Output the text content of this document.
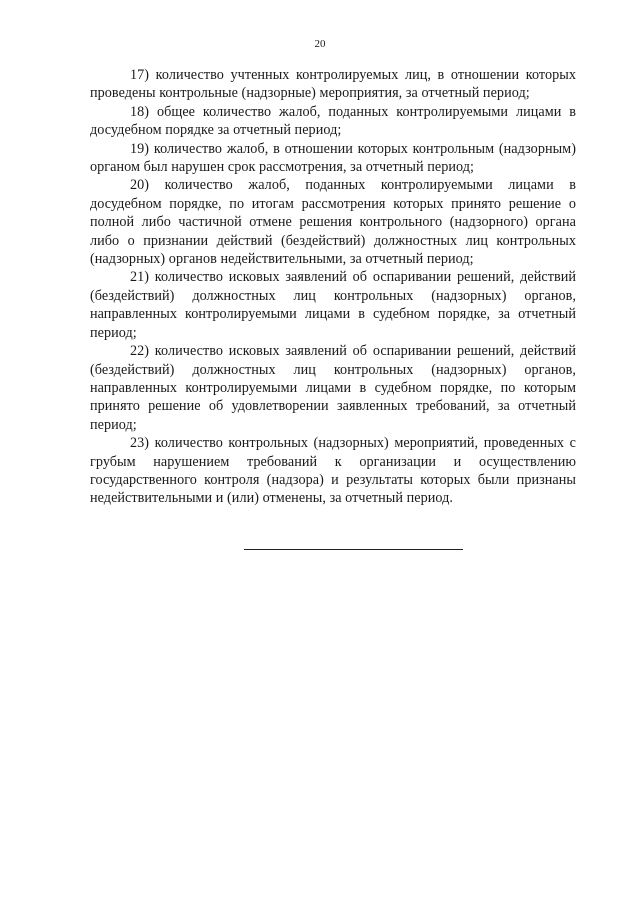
20

17) количество учтенных контролируемых лиц, в отношении которых проведены контрольные (надзорные) мероприятия, за отчетный период;

18) общее количество жалоб, поданных контролируемыми лицами в досудебном порядке за отчетный период;

19) количество жалоб, в отношении которых контрольным (надзорным) органом был нарушен срок рассмотрения, за отчетный период;

20) количество жалоб, поданных контролируемыми лицами в досудебном порядке, по итогам рассмотрения которых принято решение о полной либо частичной отмене решения контрольного (надзорного) органа либо о признании действий (бездействий) должностных лиц контрольных (надзорных) органов недействительными, за отчетный период;

21) количество исковых заявлений об оспаривании решений, действий (бездействий) должностных лиц контрольных (надзорных) органов, направленных контролируемыми лицами в судебном порядке, за отчетный период;

22) количество исковых заявлений об оспаривании решений, действий (бездействий) должностных лиц контрольных (надзорных) органов, направленных контролируемыми лицами в судебном порядке, по которым принято решение об удовлетворении заявленных требований, за отчетный период;

23) количество контрольных (надзорных) мероприятий, проведенных с грубым нарушением требований к организации и осуществлению государственного контроля (надзора) и результаты которых были признаны недействительными и (или) отменены, за отчетный период.
